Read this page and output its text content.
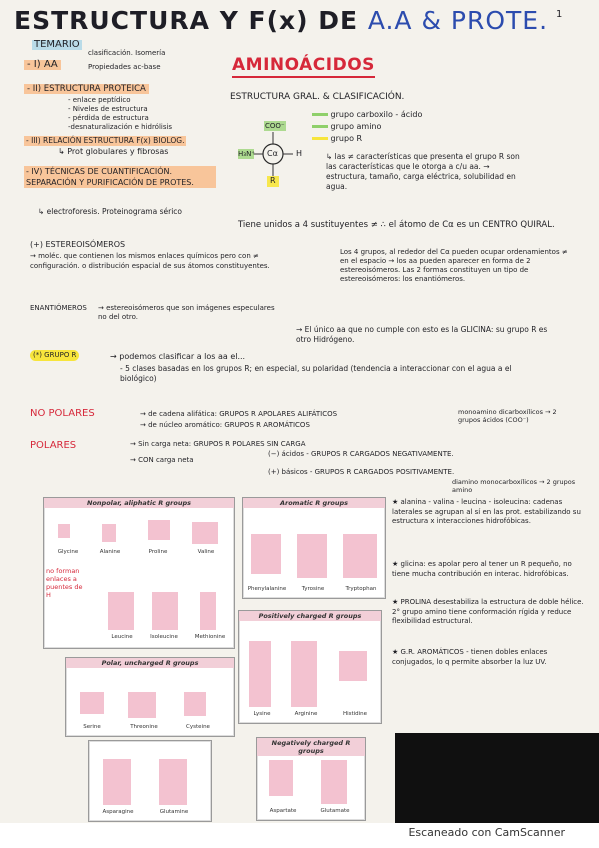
ESTRUCTURA Y F(x) DE A.A & PROTE. 1
TEMARIO
- I) AA
clasificación. Isomería
Propiedades ac-base
- II) ESTRUCTURA PROTEICA
- enlace peptídico
- Niveles de estructura
- pérdida de estructura
-desnaturalización e hidrólisis
- III) RELACIÓN ESTRUCTURA F(x) BIOLOG.
↳ Prot globulares y fibrosas
- IV) TÉCNICAS DE CUANTIFICACIÓN. SEPARACIÓN Y PURIFICACIÓN DE PROTES.
↳ electroforesis. Proteinograma sérico
AMINOÁCIDOS
ESTRUCTURA GRAL. & CLASIFICACIÓN.
COO⁻
H₃N⁺ Cα H
R
grupo carboxilo - ácido
grupo amino
grupo R
↳ las ≠ características que presenta el grupo R son las características que le otorga a c/u aa. → estructura, tamaño, carga eléctrica, solubilidad en agua.
Tiene unidos a 4 sustituyentes ≠ ∴ el átomo de Cα es un CENTRO QUIRAL.
Los 4 grupos, al rededor del Cα pueden ocupar ordenamientos ≠ en el espacio → los aa pueden aparecer en forma de 2 estereoisómeros. Las 2 formas constituyen un tipo de estereoisómeros: los enantiómeros.
(+) ESTEREOISÓMEROS
→ moléc. que contienen los mismos enlaces químicos pero con ≠ configuración. o distribución espacial de sus átomos constituyentes.
ENANTIÓMEROS → estereoisómeros que son imágenes especulares no del otro.
→ El único aa que no cumple con esto es la GLICINA: su grupo R es otro Hidrógeno.
(*) GRUPO R	→ podemos clasificar a los aa el...
- 5 clases basadas en los grupos R; en especial, su polaridad (tendencia a interaccionar con el agua a el biológico)
NO POLARES	→ de cadena alifática: GRUPOS R APOLARES ALIFÁTICOS
→ de núcleo aromático: GRUPOS R AROMÁTICOS
monoamino dicarboxílicos → 2 grupos ácidos (COO⁻)
POLARES	→ Sin carga neta: GRUPOS R POLARES SIN CARGA
→ CON carga neta
(−) ácidos - GRUPOS R CARGADOS NEGATIVAMENTE.
(+) básicos - GRUPOS R CARGADOS POSITIVAMENTE.
diamino monocarboxílicos → 2 grupos amino
Nonpolar, aliphatic R groups
Glycine	Alanine	Proline	Valine
Leucine	Isoleucine	Methionine
no forman enlaces a puentes de H
Aromatic R groups
Phenylalanine	Tyrosine	Tryptophan
Positively charged R groups
Lysine	Arginine	Histidine
Polar, uncharged R groups
Serine	Threonine	Cysteine
Asparagine	Glutamine
Negatively charged R groups
Aspartate	Glutamate
★ alanina - valina - leucina - isoleucina: cadenas laterales se agrupan al sí en las prot. estabilizando su estructura x interacciones hidrofóbicas.
★ glicina: es apolar pero al tener un R pequeño, no tiene mucha contribución en interac. hidrofóbicas.
★ PROLINA desestabiliza la estructura de doble hélice. 2° grupo amino tiene conformación rígida y reduce flexibilidad estructural.
★ G.R. AROMÁTICOS - tienen dobles enlaces conjugados, lo q permite absorber la luz UV.
Escaneado con CamScanner
